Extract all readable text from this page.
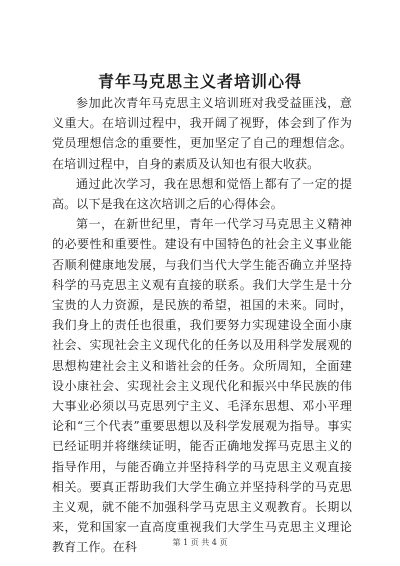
青年马克思主义者培训心得

参加此次青年马克思主义培训班对我受益匪浅，意义重大。在培训过程中，我开阔了视野，体会到了作为党员理想信念的重要性，更加坚定了自己的理想信念。在培训过程中，自身的素质及认知也有很大收获。

通过此次学习，我在思想和觉悟上都有了一定的提高。以下是我在这次培训之后的心得体会。

第一，在新世纪里，青年一代学习马克思主义精神的必要性和重要性。建设有中国特色的社会主义事业能否顺利健康地发展，与我们当代大学生能否确立并坚持科学的马克思主义观有直接的联系。我们大学生是十分宝贵的人力资源，是民族的希望，祖国的未来。同时，我们身上的责任也很重，我们要努力实现建设全面小康社会、实现社会主义现代化的任务以及用科学发展观的思想构建社会主义和谐社会的任务。众所周知，全面建设小康社会、实现社会主义现代化和振兴中华民族的伟大事业必须以马克思列宁主义、毛泽东思想、邓小平理论和“三个代表”重要思想以及科学发展观为指导。事实已经证明并将继续证明，能否正确地发挥马克思主义的指导作用，与能否确立并坚持科学的马克思主义观直接相关。要真正帮助我们大学生确立并坚持科学的马克思主义观，就不能不加强科学马克思主义观教育。长期以来，党和国家一直高度重视我们大学生马克思主义理论教育工作。在科	第 1 页 共 4 页
